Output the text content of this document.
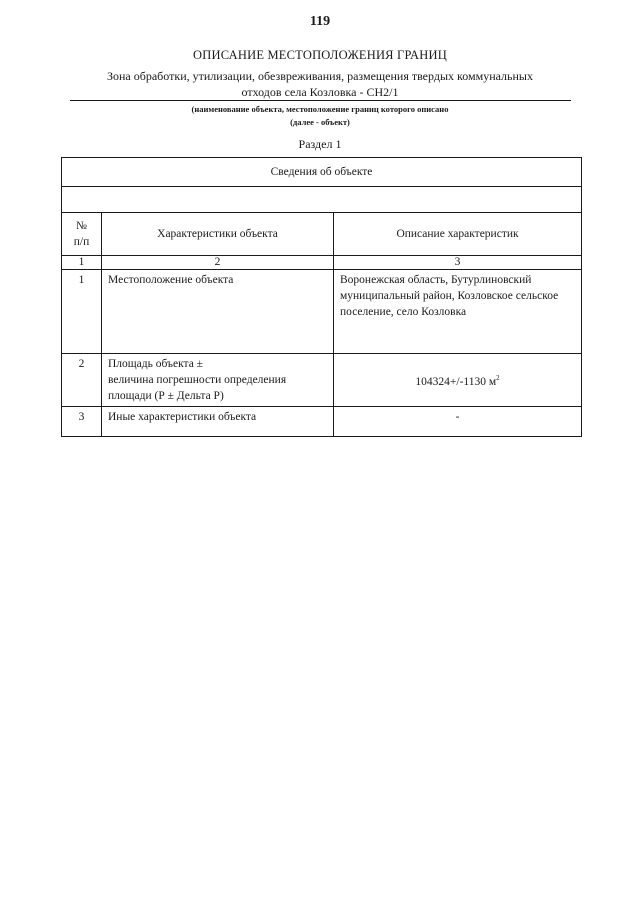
119
ОПИСАНИЕ МЕСТОПОЛОЖЕНИЯ ГРАНИЦ
Зона обработки, утилизации, обезвреживания, размещения твердых коммунальных
отходов села Козловка - СН2/1
(наименование объекта, местоположение границ которого описано
(далее - объект)
Раздел 1
Сведения об объекте		

№
п/п	Характеристики объекта	Описание характеристик
1	2	3
1	Местоположение объекта	Воронежская область, Бутурлиновский муниципальный район, Козловское сельское поселение, село Козловка
2	Площадь объекта ±
величина погрешности определения
площади (Р ± Дельта Р)	104324+/-1130 $м^2$
3	Иные характеристики объекта	-
